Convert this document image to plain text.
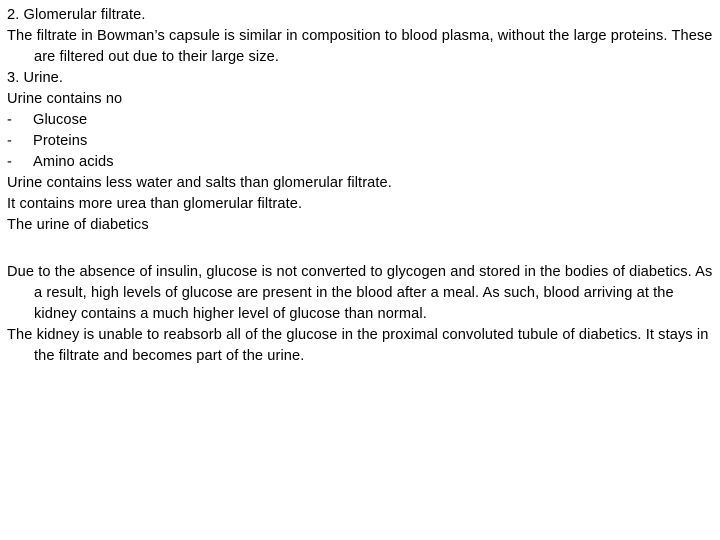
2. Glomerular filtrate.

The filtrate in Bowman’s capsule is similar in composition to blood plasma, without the large proteins. These are filtered out due to their large size.

3. Urine.

Urine contains no

-	Glucose
-	Proteins
-	Amino acids

Urine contains less water and salts than glomerular filtrate.

It contains more urea than glomerular filtrate.

The urine of diabetics

Due to the absence of insulin, glucose is not converted to glycogen and stored in the bodies of diabetics. As a result, high levels of glucose are present in the blood after a meal. As such, blood arriving at the kidney contains a much higher level of glucose than normal.

The kidney is unable to reabsorb all of the glucose in the proximal convoluted tubule of diabetics. It stays in the filtrate and becomes part of the urine.
